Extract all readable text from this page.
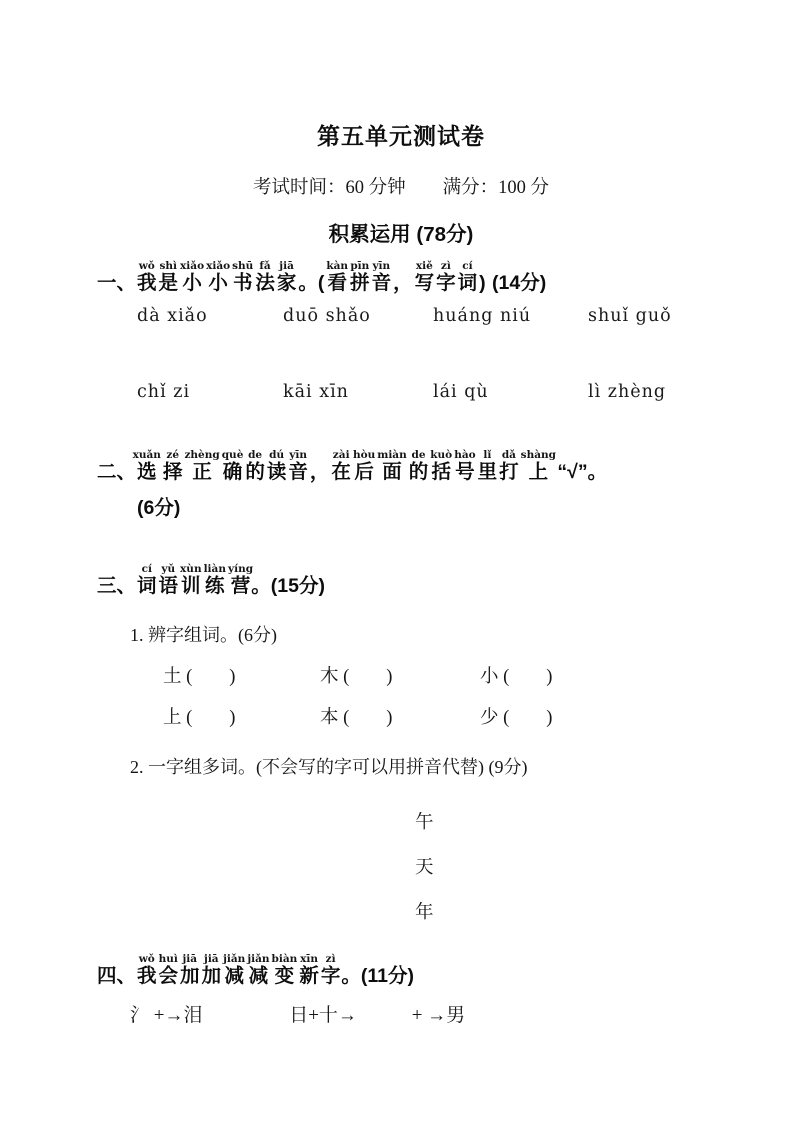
第五单元测试卷
考试时间：60 分钟　　满分：100 分
积累运用 (78分)
一、我wǒ是shì小xiǎo小xiǎo书shū法fǎ家jiā。( 看kàn拼pīn音yīn， 写xiě字zì词cí) (14分)
dà xiǎo	duō shǎo	huáng niú	shuǐ guǒ
chǐ zi	kāi xīn	lái qù	lì zhèng
二、选xuǎn择zé正zhèng确què的de读dú音yīn， 在zài后hòu面miàn的de括kuò号hào里lǐ打dǎ上shàng “√”。
(6分)
三、词cí语yǔ训xùn练liàn营yíng。(15分)
1. 辨字组词。(6分)
土 (　　)	木 (　　)	小 (　　)
上 (　　)	本 (　　)	少 (　　)
2. 一字组多词。(不会写的字可以用拼音代替) (9分)
午
天
年
四、我wǒ会huì加jiā加jiā减jiǎn减jiǎn变biàn新xīn字zì。(11分)
氵 +→泪	日+十→	+ →男
